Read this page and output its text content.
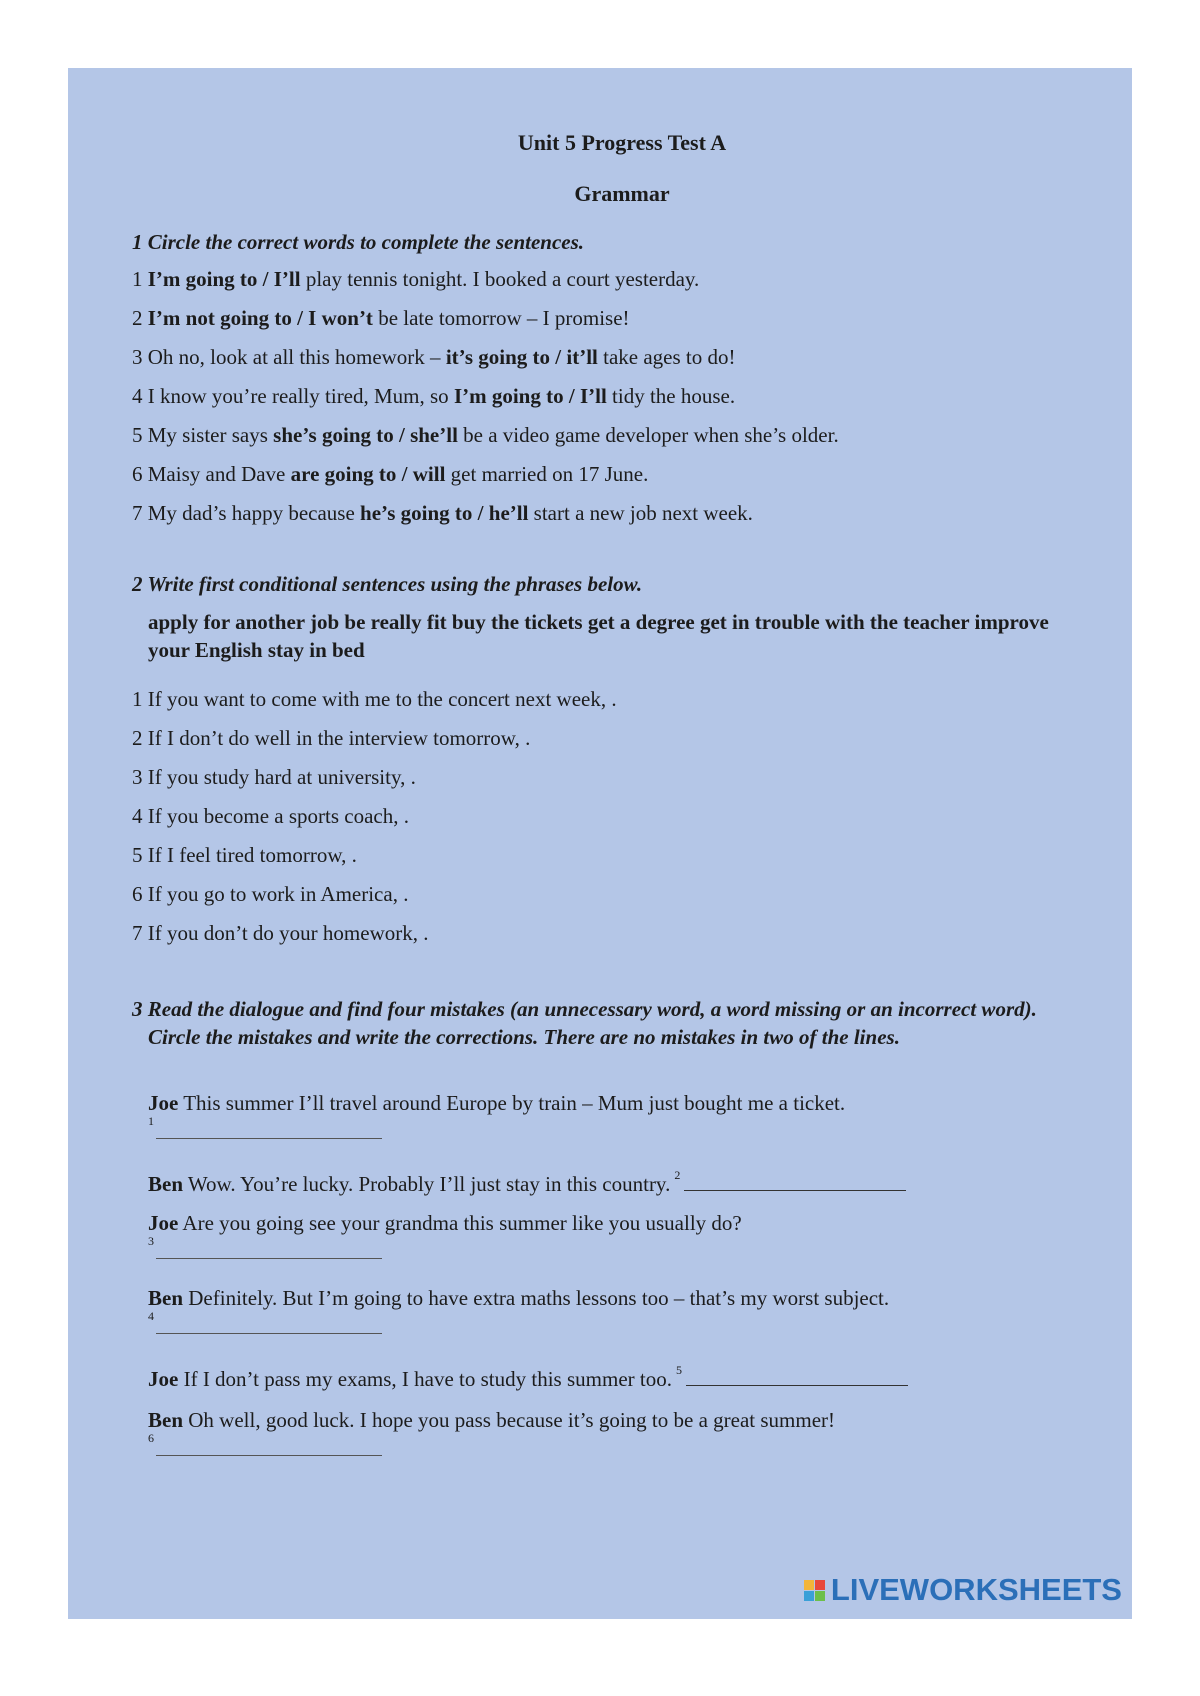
Unit 5 Progress Test A
Grammar
1 Circle the correct words to complete the sentences.
1 I’m going to / I’ll play tennis tonight. I booked a court yesterday.
2 I’m not going to / I won’t be late tomorrow – I promise!
3 Oh no, look at all this homework – it’s going to / it’ll take ages to do!
4 I know you’re really tired, Mum, so I’m going to / I’ll tidy the house.
5 My sister says she’s going to / she’ll be a video game developer when she’s older.
6 Maisy and Dave are going to / will get married on 17 June.
7 My dad’s happy because he’s going to / he’ll start a new job next week.
2 Write first conditional sentences using the phrases below.
apply for another job be really fit buy the tickets get a degree get in trouble with the teacher improve your English stay in bed
1 If you want to come with me to the concert next week, .
2 If I don’t do well in the interview tomorrow, .
3 If you study hard at university, .
4 If you become a sports coach, .
5 If I feel tired tomorrow, .
6 If you go to work in America, .
7 If you don’t do your homework, .
3 Read the dialogue and find four mistakes (an unnecessary word, a word missing or an incorrect word). Circle the mistakes and write the corrections. There are no mistakes in two of the lines.
Joe This summer I’ll travel around Europe by train – Mum just bought me a ticket.
1
Ben Wow. You’re lucky. Probably I’ll just stay in this country. $^2$
Joe Are you going see your grandma this summer like you usually do?
3
Ben Definitely. But I’m going to have extra maths lessons too – that’s my worst subject.
4
Joe If I don’t pass my exams, I have to study this summer too. $^5$
Ben Oh well, good luck. I hope you pass because it’s going to be a great summer!
6
LIVEWORKSHEETS
